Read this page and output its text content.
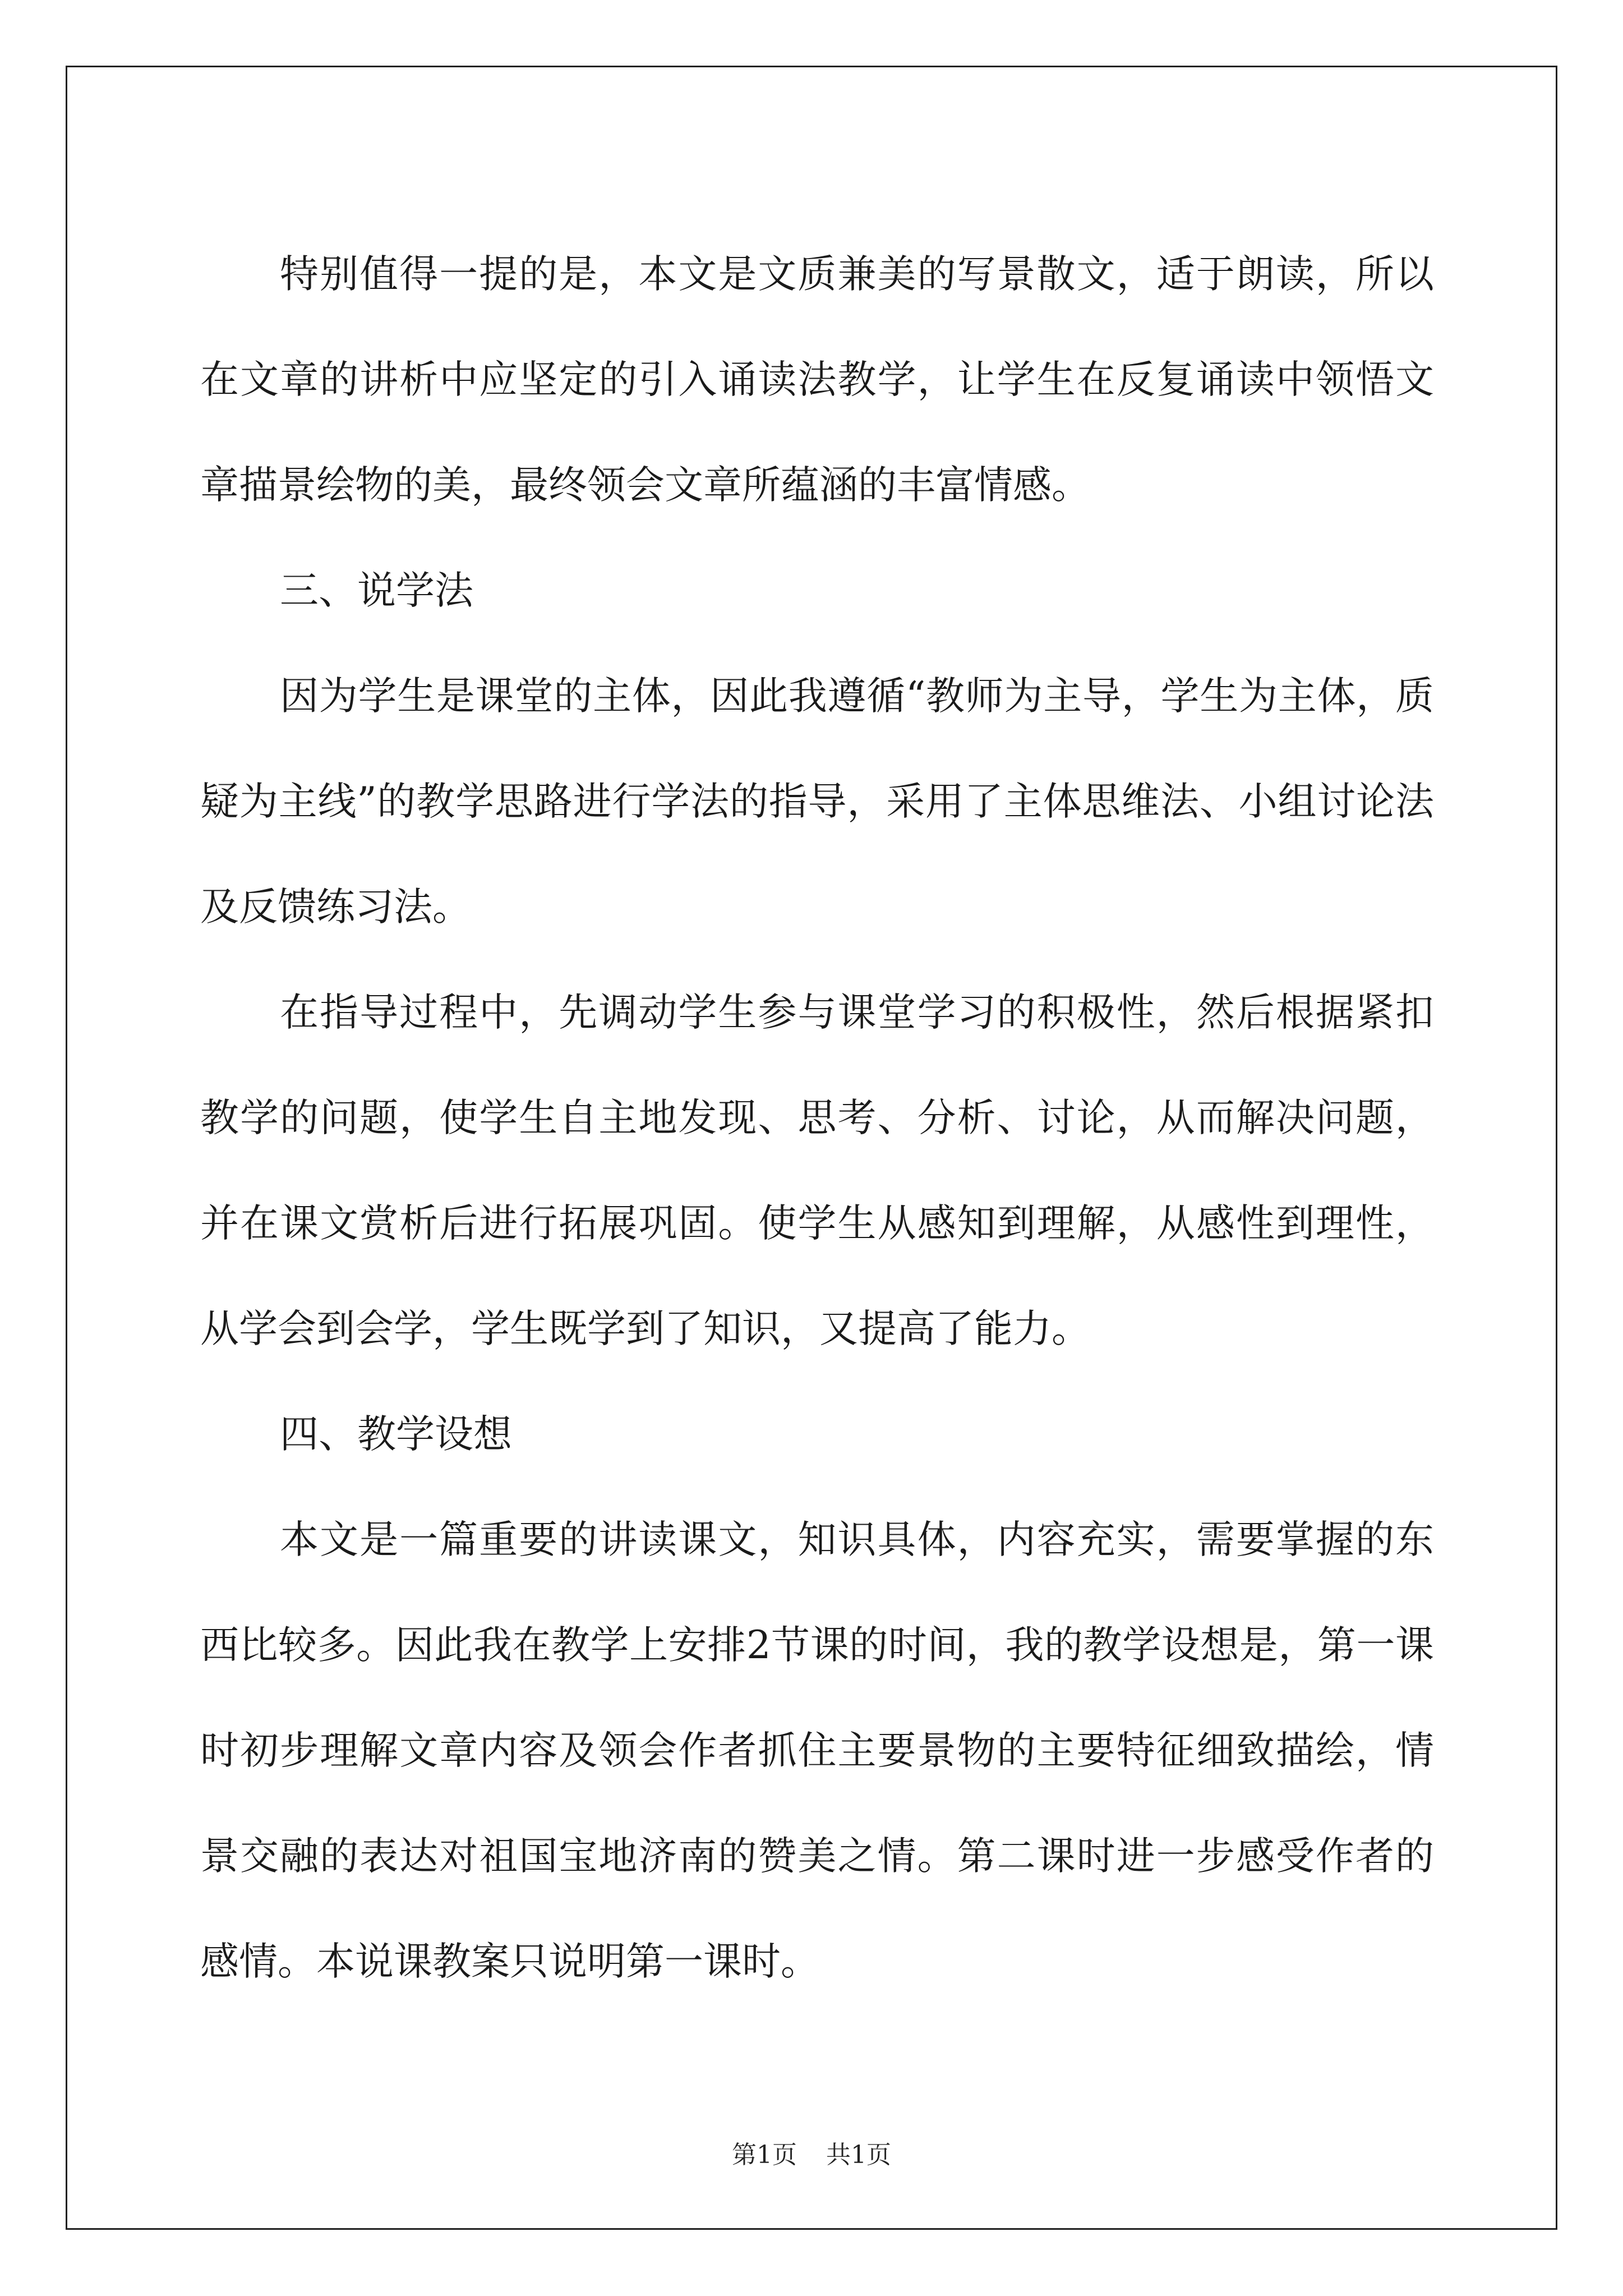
特别值得一提的是，本文是文质兼美的写景散文，适于朗读，所以在文章的讲析中应坚定的引入诵读法教学，让学生在反复诵读中领悟文章描景绘物的美，最终领会文章所蕴涵的丰富情感。

三、说学法

因为学生是课堂的主体，因此我遵循“教师为主导，学生为主体，质疑为主线”的教学思路进行学法的指导，采用了主体思维法、小组讨论法及反馈练习法。

在指导过程中，先调动学生参与课堂学习的积极性，然后根据紧扣教学的问题，使学生自主地发现、思考、分析、讨论，从而解决问题，并在课文赏析后进行拓展巩固。使学生从感知到理解，从感性到理性，从学会到会学，学生既学到了知识，又提高了能力。

四、教学设想

本文是一篇重要的讲读课文，知识具体，内容充实，需要掌握的东西比较多。因此我在教学上安排2节课的时间，我的教学设想是，第一课时初步理解文章内容及领会作者抓住主要景物的主要特征细致描绘，情景交融的表达对祖国宝地济南的赞美之情。第二课时进一步感受作者的感情。本说课教案只说明第一课时。

第1页 共1页
